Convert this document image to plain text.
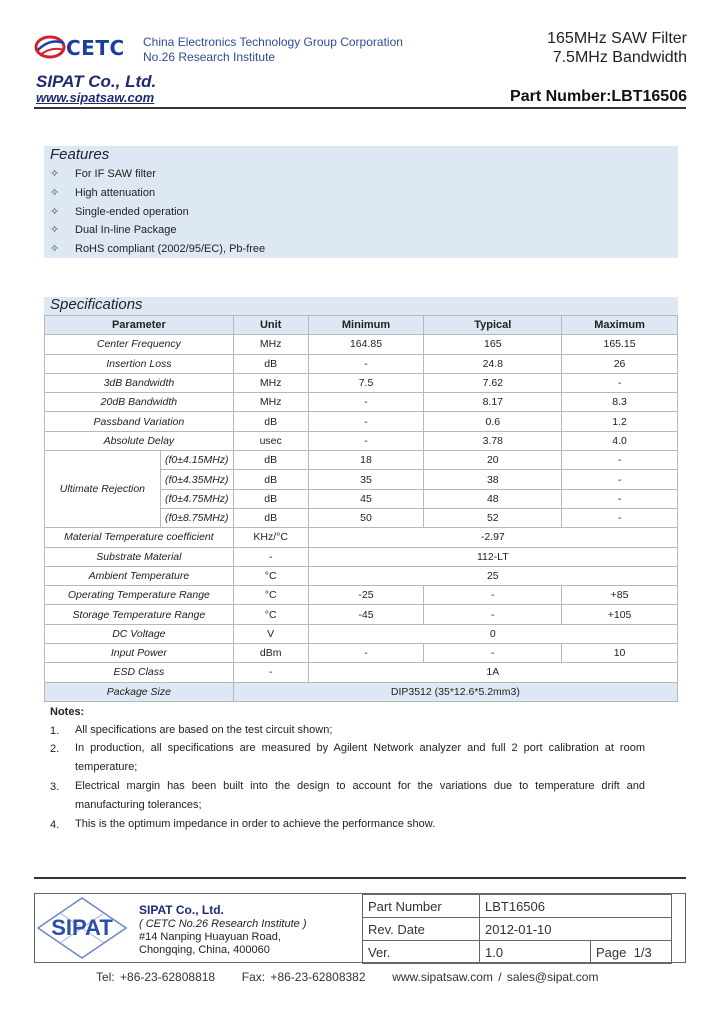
CETC China Electronics Technology Group Corporation
No.26 Research Institute
SIPAT Co., Ltd.
www.sipatsaw.com
165MHz SAW Filter
7.5MHz Bandwidth
Part Number:LBT16506
Features
✧ For IF SAW filter
✧ High attenuation
✧ Single-ended operation
✧ Dual In-line Package
✧ RoHS compliant (2002/95/EC), Pb-free
Specifications
Parameter		Unit	Minimum	Typical	Maximum
Center Frequency		MHz	164.85	165	165.15
Insertion Loss		dB	-	24.8	26
3dB Bandwidth		MHz	7.5	7.62	-
20dB Bandwidth		MHz	-	8.17	8.3
Passband Variation		dB	-	0.6	1.2
Absolute Delay		usec	-	3.78	4.0
Ultimate Rejection	(f0±4.15MHz)	dB	18	20	-
	(f0±4.35MHz)	dB	35	38	-
	(f0±4.75MHz)	dB	45	48	-
	(f0±8.75MHz)	dB	50	52	-
Material Temperature coefficient		KHz/°C	-2.97		
Substrate Material		-	112-LT		
Ambient Temperature		°C	25		
Operating Temperature Range		°C	-25	-	+85
Storage Temperature Range		°C	-45	-	+105
DC Voltage		V	0		
Input Power		dBm	-	-	10
ESD Class		-	1A		
Package Size		DIP3512 (35*12.6*5.2mm3)			
Notes:
1. All specifications are based on the test circuit shown;
2. In production, all specifications are measured by Agilent Network analyzer and full 2 port calibration at room temperature;
3. Electrical margin has been built into the design to account for the variations due to temperature drift and manufacturing tolerances;
4. This is the optimum impedance in order to achieve the performance show.
SIPAT
SIPAT Co., Ltd.
( CETC No.26 Research Institute )
#14 Nanping Huayuan Road,
Chongqing, China, 400060
Part Number	LBT16506	
Rev. Date	2012-01-10	
Ver.	1.0	Page 1/3
Tel: +86-23-62808818     Fax: +86-23-62808382     www.sipatsaw.com / sales@sipat.com
